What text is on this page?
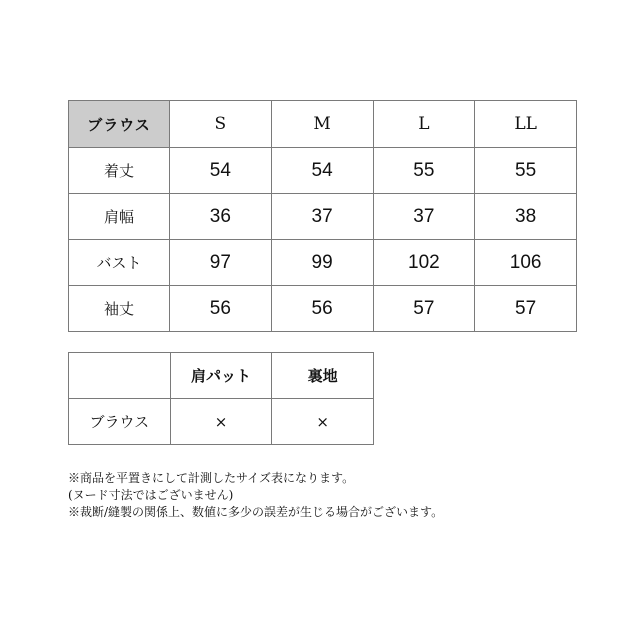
ブラウス	S	M	L	LL
着丈	54	54	55	55
肩幅	36	37	37	38
バスト	97	99	102	106
袖丈	56	56	57	57
	肩パット	裏地
ブラウス	×	×
※商品を平置きにして計測したサイズ表になります。
(ヌード寸法ではございません)
※裁断/縫製の関係上、数値に多少の誤差が生じる場合がございます。
